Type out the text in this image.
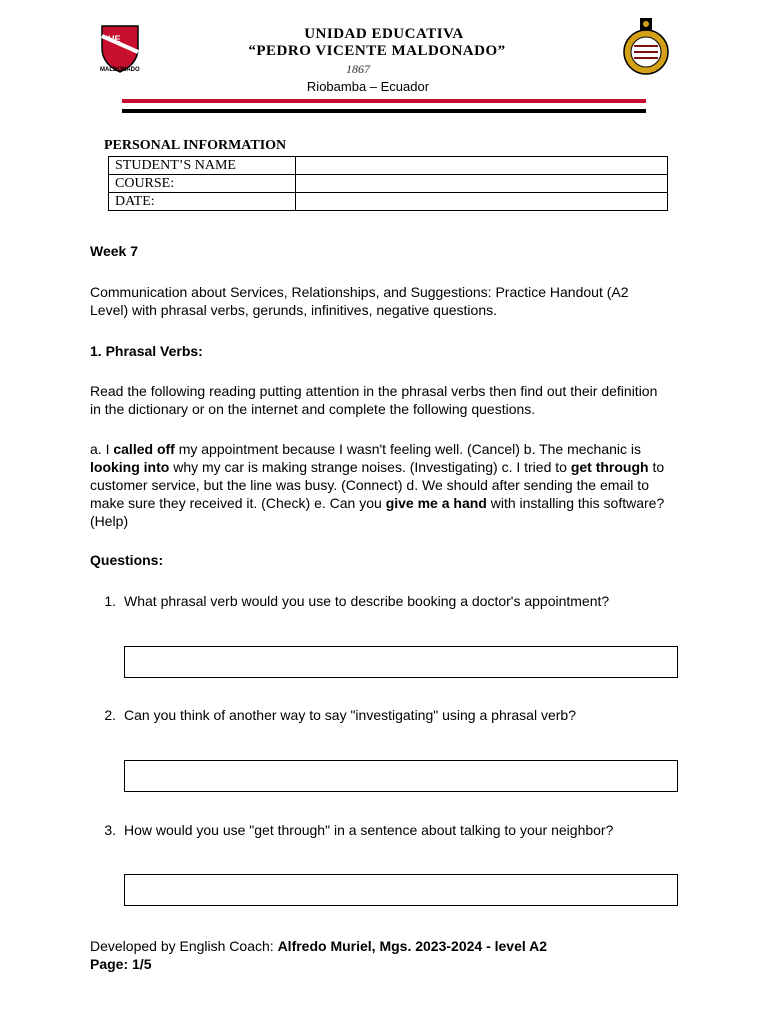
UE
MALDONADO
UNIDAD EDUCATIVA
“PEDRO VICENTE MALDONADO”
1867
Riobamba – Ecuador
PERSONAL INFORMATION
STUDENT’S NAME	
COURSE:	
DATE:	
Week 7
Communication about Services, Relationships, and Suggestions: Practice Handout (A2 Level) with phrasal verbs, gerunds, infinitives, negative questions.
1. Phrasal Verbs:
Read the following reading putting attention in the phrasal verbs then find out their definition in the dictionary or on the internet and complete the following questions.
a. I called off my appointment because I wasn't feeling well. (Cancel) b. The mechanic is looking into why my car is making strange noises. (Investigating) c. I tried to get through to customer service, but the line was busy. (Connect) d. We should after sending the email to make sure they received it. (Check) e. Can you give me a hand with installing this software? (Help)
Questions:
1. What phrasal verb would you use to describe booking a doctor's appointment?
2. Can you think of another way to say "investigating" using a phrasal verb?
3. How would you use "get through" in a sentence about talking to your neighbor?
Developed by English Coach: Alfredo Muriel, Mgs. 2023-2024 - level A2
Page: 1/5
